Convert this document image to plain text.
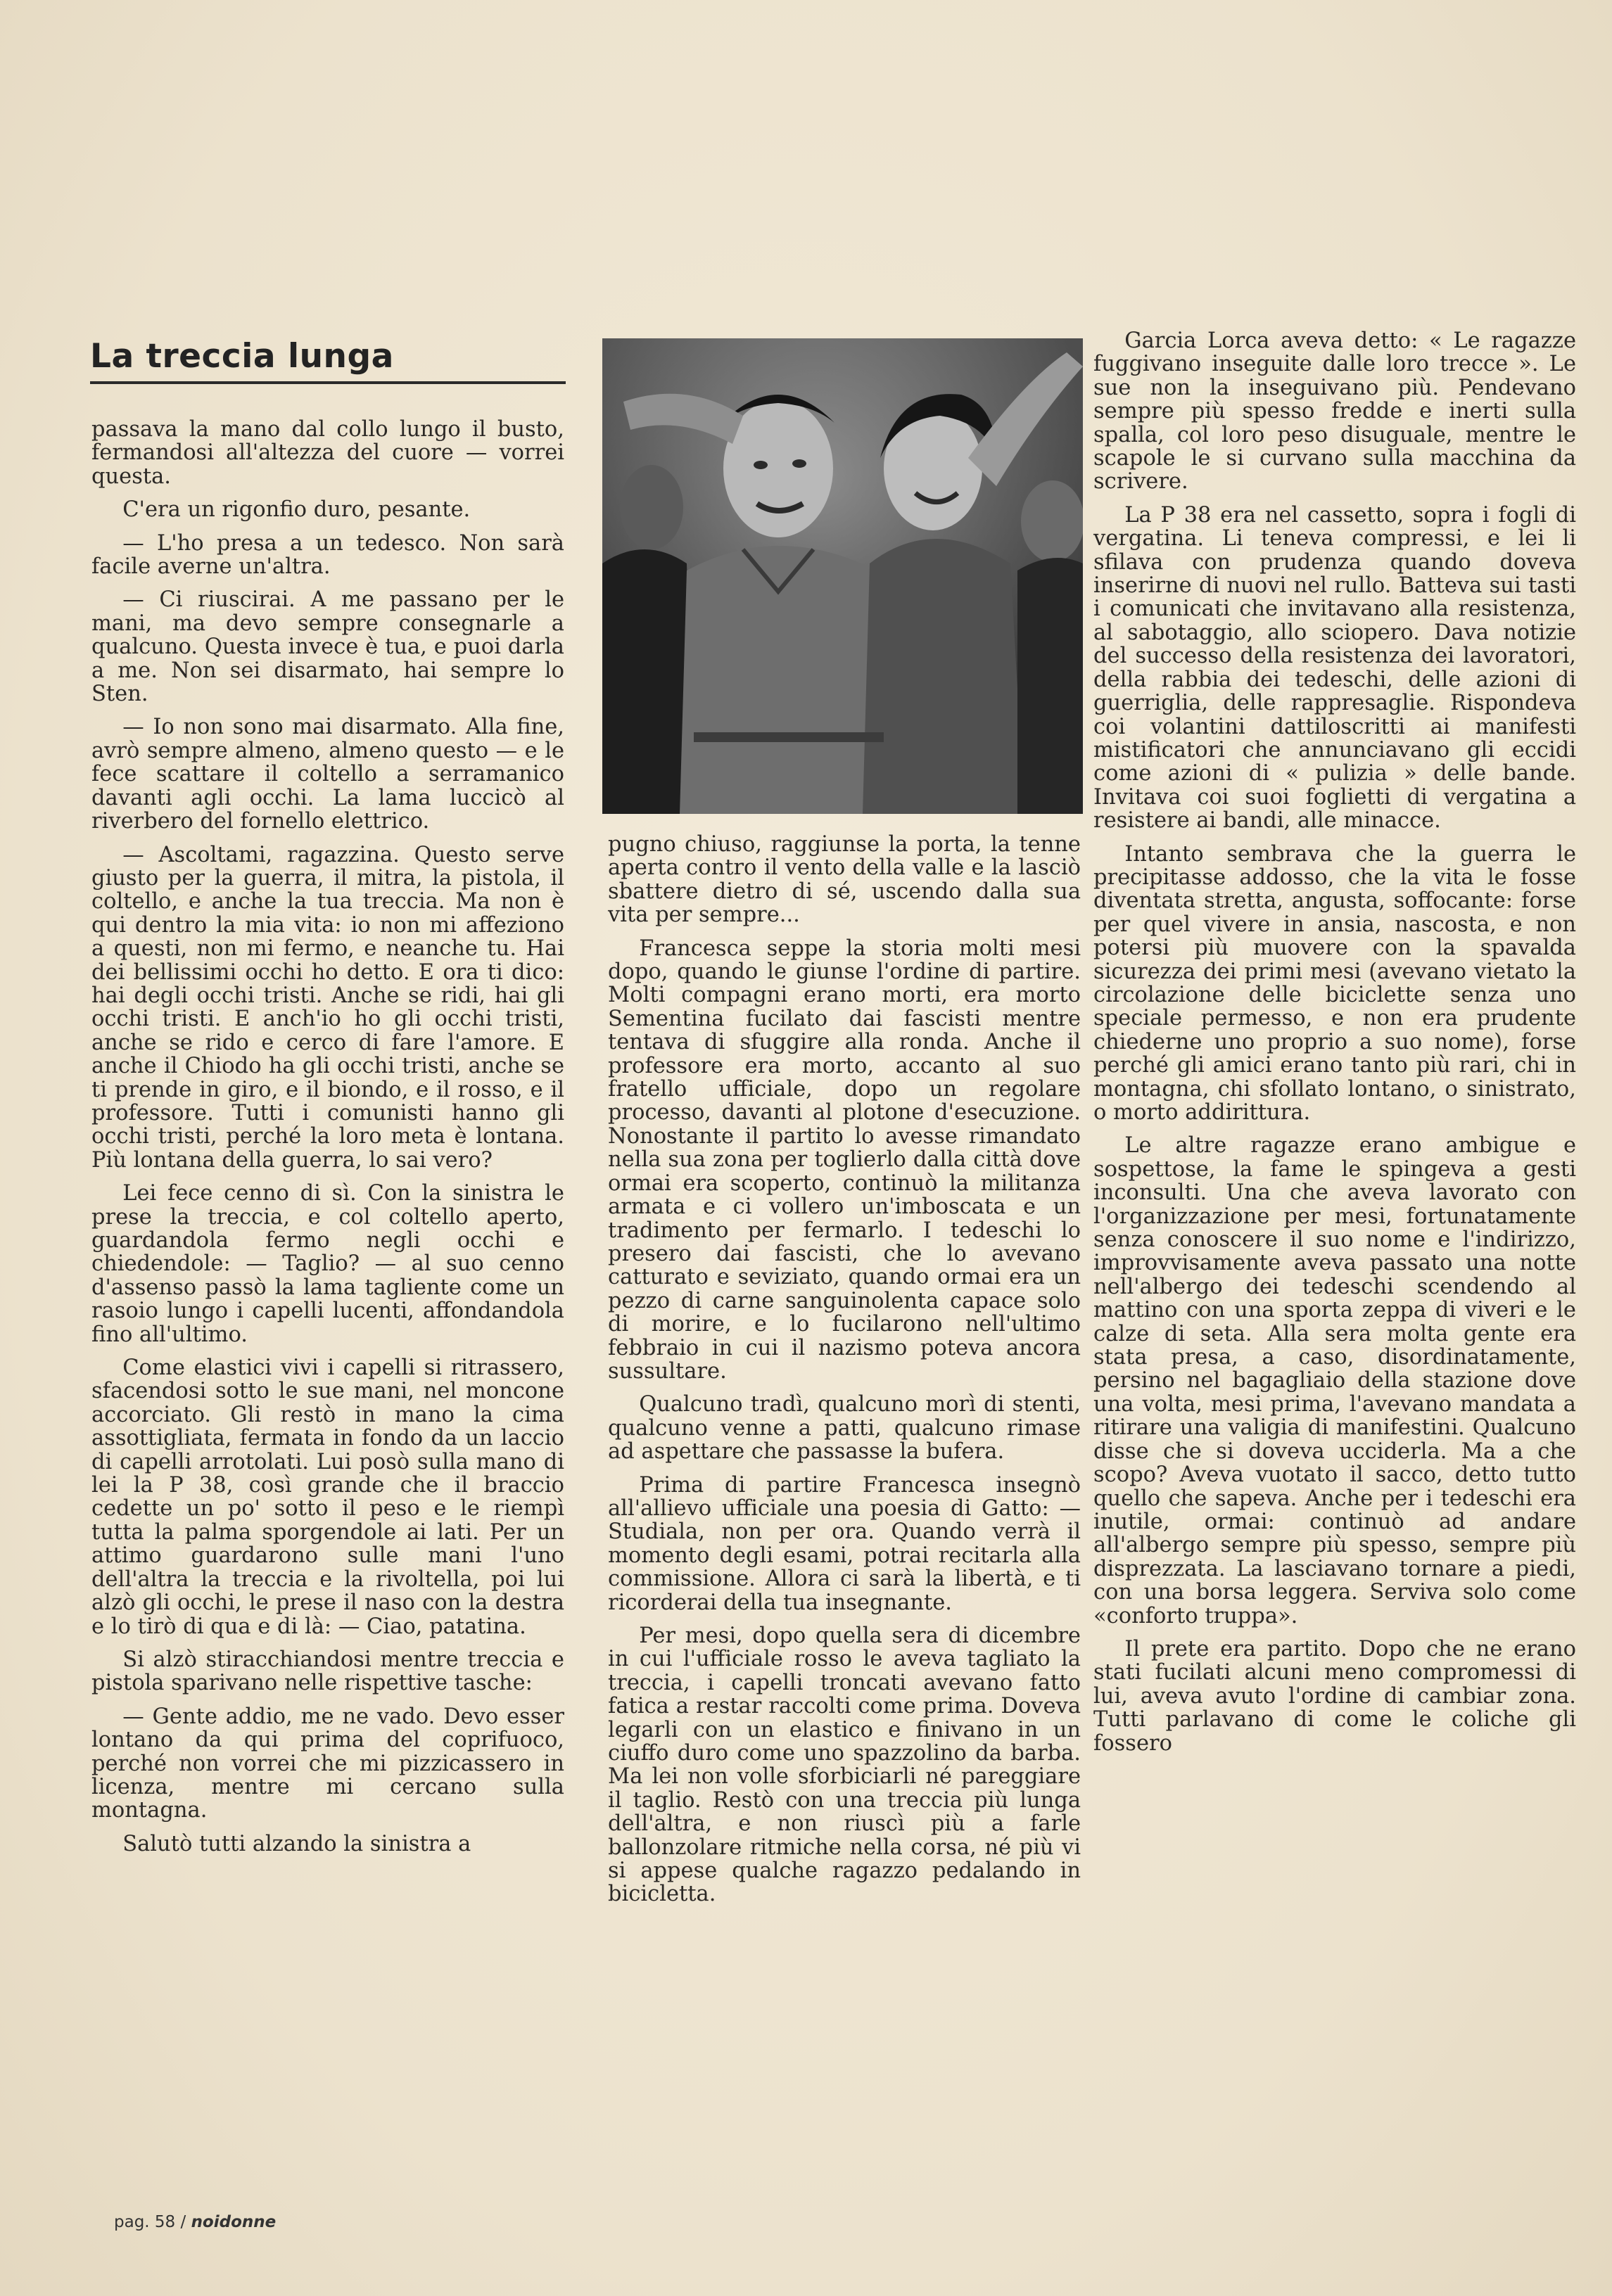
La treccia lunga

passava la mano dal collo lungo il busto, fermandosi all'altezza del cuore — vorrei questa.

C'era un rigonfio duro, pesante.

— L'ho presa a un tedesco. Non sarà facile averne un'altra.

— Ci riuscirai. A me passano per le mani, ma devo sempre consegnarle a qualcuno. Questa invece è tua, e puoi darla a me. Non sei disarmato, hai sempre lo Sten.

— Io non sono mai disarmato. Alla fine, avrò sempre almeno, almeno questo — e le fece scattare il coltello a serramanico davanti agli occhi. La lama luccicò al riverbero del fornello elettrico.

— Ascoltami, ragazzina. Questo serve giusto per la guerra, il mitra, la pistola, il coltello, e anche la tua treccia. Ma non è qui dentro la mia vita: io non mi affeziono a questi, non mi fermo, e neanche tu. Hai dei bellissimi occhi ho detto. E ora ti dico: hai degli occhi tristi. Anche se ridi, hai gli occhi tristi. E anch'io ho gli occhi tristi, anche se rido e cerco di fare l'amore. E anche il Chiodo ha gli occhi tristi, anche se ti prende in giro, e il biondo, e il rosso, e il professore. Tutti i comunisti hanno gli occhi tristi, perché la loro meta è lontana. Più lontana della guerra, lo sai vero?

Lei fece cenno di sì. Con la sinistra le prese la treccia, e col coltello aperto, guardandola fermo negli occhi e chiedendole: — Taglio? — al suo cenno d'assenso passò la lama tagliente come un rasoio lungo i capelli lucenti, affondandola fino all'ultimo.

Come elastici vivi i capelli si ritrassero, sfacendosi sotto le sue mani, nel moncone accorciato. Gli restò in mano la cima assottigliata, fermata in fondo da un laccio di capelli arrotolati. Lui posò sulla mano di lei la P 38, così grande che il braccio cedette un po' sotto il peso e le riempì tutta la palma sporgendole ai lati. Per un attimo guardarono sulle mani l'uno dell'altra la treccia e la rivoltella, poi lui alzò gli occhi, le prese il naso con la destra e lo tirò di qua e di là: — Ciao, patatina.

Si alzò stiracchiandosi mentre treccia e pistola sparivano nelle rispettive tasche:

— Gente addio, me ne vado. Devo esser lontano da qui prima del coprifuoco, perché non vorrei che mi pizzicassero in licenza, mentre mi cercano sulla montagna.

Salutò tutti alzando la sinistra a

pugno chiuso, raggiunse la porta, la tenne aperta contro il vento della valle e la lasciò sbattere dietro di sé, uscendo dalla sua vita per sempre...

Francesca seppe la storia molti mesi dopo, quando le giunse l'ordine di partire. Molti compagni erano morti, era morto Sementina fucilato dai fascisti mentre tentava di sfuggire alla ronda. Anche il professore era morto, accanto al suo fratello ufficiale, dopo un regolare processo, davanti al plotone d'esecuzione. Nonostante il partito lo avesse rimandato nella sua zona per toglierlo dalla città dove ormai era scoperto, continuò la militanza armata e ci vollero un'imboscata e un tradimento per fermarlo. I tedeschi lo presero dai fascisti, che lo avevano catturato e seviziato, quando ormai era un pezzo di carne sanguinolenta capace solo di morire, e lo fucilarono nell'ultimo febbraio in cui il nazismo poteva ancora sussultare.

Qualcuno tradì, qualcuno morì di stenti, qualcuno venne a patti, qualcuno rimase ad aspettare che passasse la bufera.

Prima di partire Francesca insegnò all'allievo ufficiale una poesia di Gatto: — Studiala, non per ora. Quando verrà il momento degli esami, potrai recitarla alla commissione. Allora ci sarà la libertà, e ti ricorderai della tua insegnante.

Per mesi, dopo quella sera di dicembre in cui l'ufficiale rosso le aveva tagliato la treccia, i capelli troncati avevano fatto fatica a restar raccolti come prima. Doveva legarli con un elastico e finivano in un ciuffo duro come uno spazzolino da barba. Ma lei non volle sforbiciarli né pareggiare il taglio. Restò con una treccia più lunga dell'altra, e non riuscì più a farle ballonzolare ritmiche nella corsa, né più vi si appese qualche ragazzo pedalando in bicicletta.

Garcia Lorca aveva detto: « Le ragazze fuggivano inseguite dalle loro trecce ». Le sue non la inseguivano più. Pendevano sempre più spesso fredde e inerti sulla spalla, col loro peso disuguale, mentre le scapole le si curvano sulla macchina da scrivere.

La P 38 era nel cassetto, sopra i fogli di vergatina. Li teneva compressi, e lei li sfilava con prudenza quando doveva inserirne di nuovi nel rullo. Batteva sui tasti i comunicati che invitavano alla resistenza, al sabotaggio, allo sciopero. Dava notizie del successo della resistenza dei lavoratori, della rabbia dei tedeschi, delle azioni di guerriglia, delle rappresaglie. Rispondeva coi volantini dattiloscritti ai manifesti mistificatori che annunciavano gli eccidi come azioni di « pulizia » delle bande. Invitava coi suoi foglietti di vergatina a resistere ai bandi, alle minacce.

Intanto sembrava che la guerra le precipitasse addosso, che la vita le fosse diventata stretta, angusta, soffocante: forse per quel vivere in ansia, nascosta, e non potersi più muovere con la spavalda sicurezza dei primi mesi (avevano vietato la circolazione delle biciclette senza uno speciale permesso, e non era prudente chiederne uno proprio a suo nome), forse perché gli amici erano tanto più rari, chi in montagna, chi sfollato lontano, o sinistrato, o morto addirittura.

Le altre ragazze erano ambigue e sospettose, la fame le spingeva a gesti inconsulti. Una che aveva lavorato con l'organizzazione per mesi, fortunatamente senza conoscere il suo nome e l'indirizzo, improvvisamente aveva passato una notte nell'albergo dei tedeschi scendendo al mattino con una sporta zeppa di viveri e le calze di seta. Alla sera molta gente era stata presa, a caso, disordinatamente, persino nel bagagliaio della stazione dove una volta, mesi prima, l'avevano mandata a ritirare una valigia di manifestini. Qualcuno disse che si doveva ucciderla. Ma a che scopo? Aveva vuotato il sacco, detto tutto quello che sapeva. Anche per i tedeschi era inutile, ormai: continuò ad andare all'albergo sempre più spesso, sempre più disprezzata. La lasciavano tornare a piedi, con una borsa leggera. Serviva solo come «conforto truppa».

Il prete era partito. Dopo che ne erano stati fucilati alcuni meno compromessi di lui, aveva avuto l'ordine di cambiar zona. Tutti parlavano di come le coliche gli fossero

pag. 58 / noidonne
